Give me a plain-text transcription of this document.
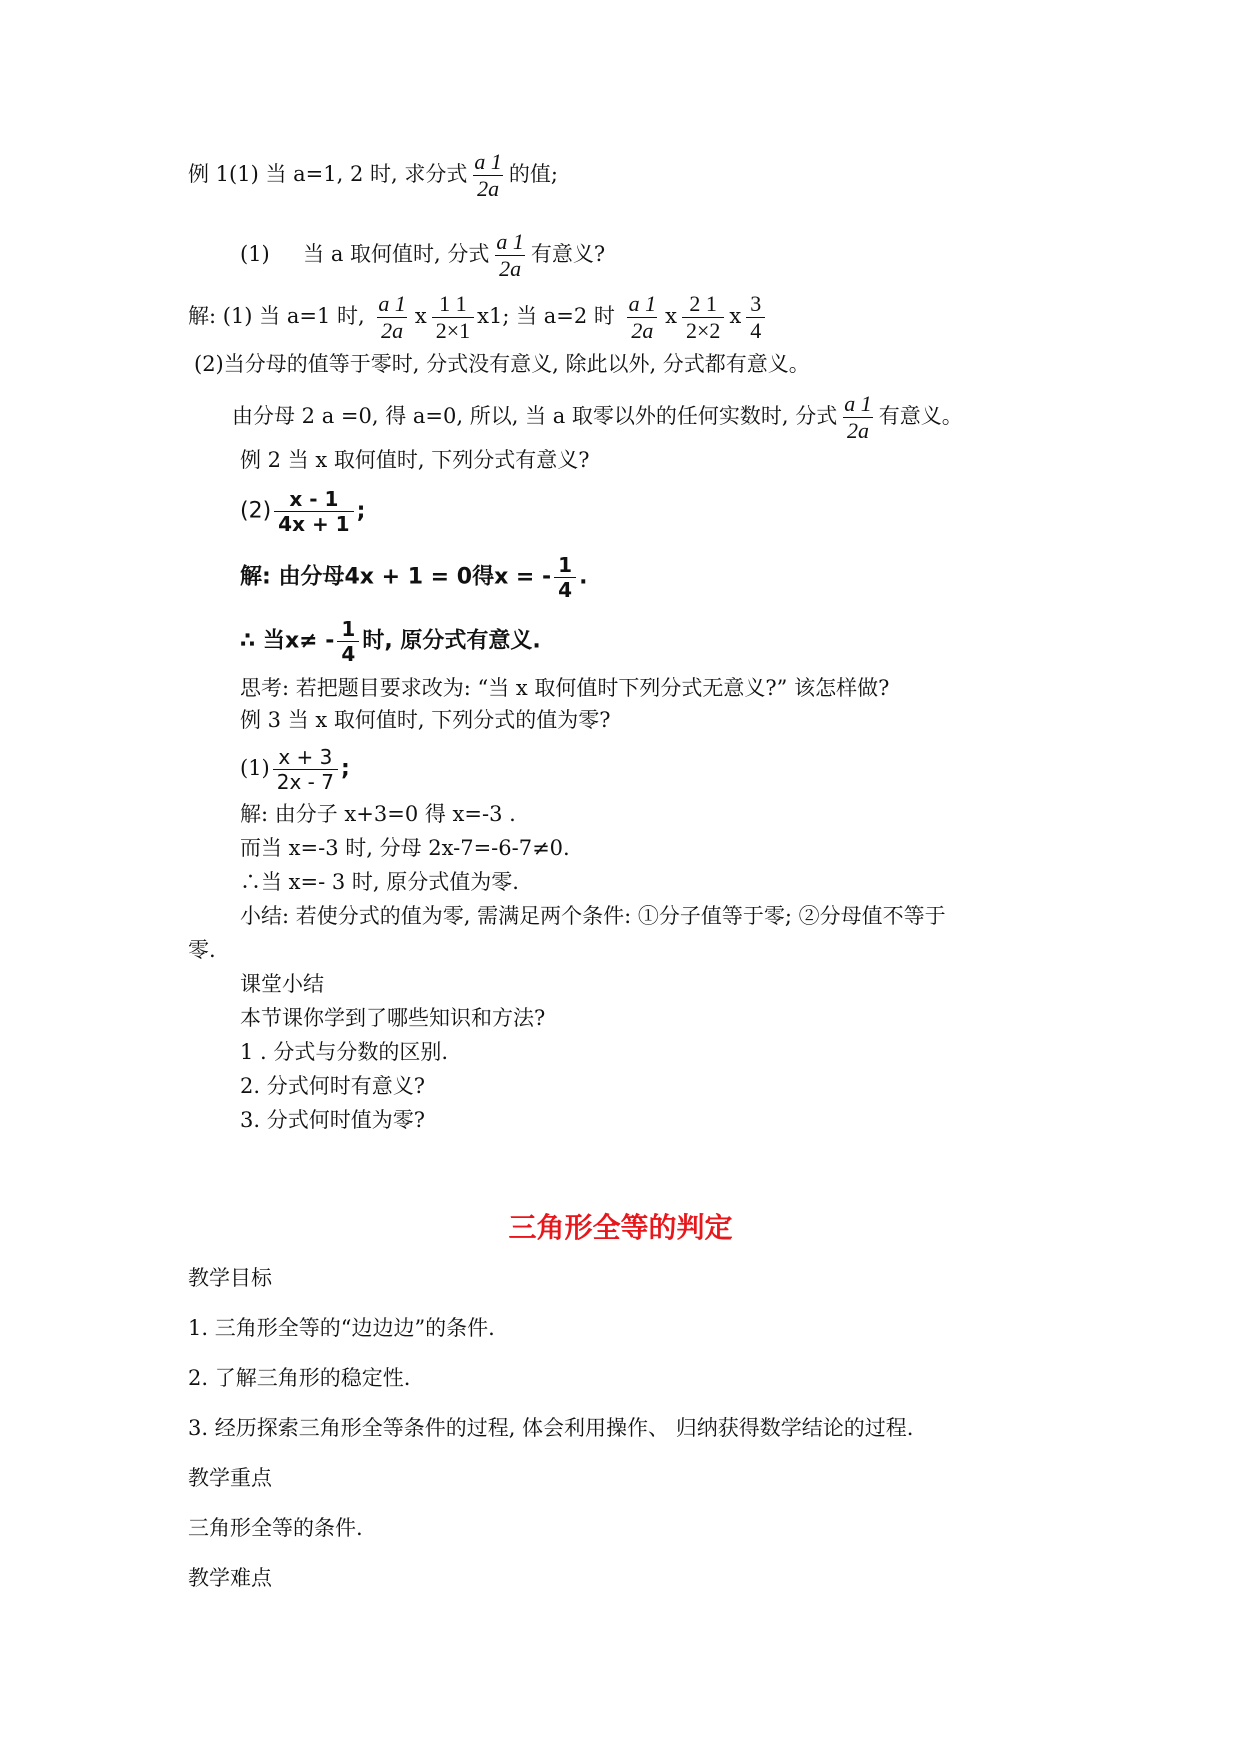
例 1(1) 当 a=1, 2 时, 求分式 $\frac{a 1}{2a}$ 的值;
(1) 当 a 取何值时, 分式 $\frac{a 1}{2a}$ 有意义?
解: (1) 当 a=1 时, $\frac{a 1}{2a}$ ⅹ $\frac{1 1}{2\times 1}$ ⅹ1; 当 a=2 时 $\frac{a 1}{2a}$ ⅹ $\frac{2 1}{2\times 2}$ ⅹ $\frac{3}{4}$
(2)当分母的值等于零时, 分式没有意义, 除此以外, 分式都有意义。
由分母 2 a =0, 得 a=0, 所以, 当 a 取零以外的任何实数时, 分式 $\frac{a 1}{2a}$ 有意义。
例 2 当 x 取何值时, 下列分式有意义?
$(2) \frac{x - 1}{4x + 1}$ ;
解: 由分母4x + 1 = 0得x = - $\frac{1}{4}$ .
∴ 当$x\ne - \frac{1}{4}$ 时, 原分式有意义.
思考: 若把题目要求改为: “当 x 取何值时下列分式无意义?” 该怎样做?
例 3 当 x 取何值时, 下列分式的值为零?
$(1) \frac{x + 3}{2x - 7}$ ;
解: 由分子 x+3=0 得 x=-3 .
而当 x=-3 时, 分母 2x-7=-6-7≠0.
∴当 x=- 3 时, 原分式值为零.
小结: 若使分式的值为零, 需满足两个条件: ①分子值等于零; ②分母值不等于
零.
课堂小结
本节课你学到了哪些知识和方法?
1 . 分式与分数的区别.
2. 分式何时有意义?
3. 分式何时值为零?
三角形全等的判定
教学目标
1. 三角形全等的“边边边”的条件.
2. 了解三角形的稳定性.
3. 经历探索三角形全等条件的过程, 体会利用操作、 归纳获得数学结论的过程.
教学重点
三角形全等的条件.
教学难点
